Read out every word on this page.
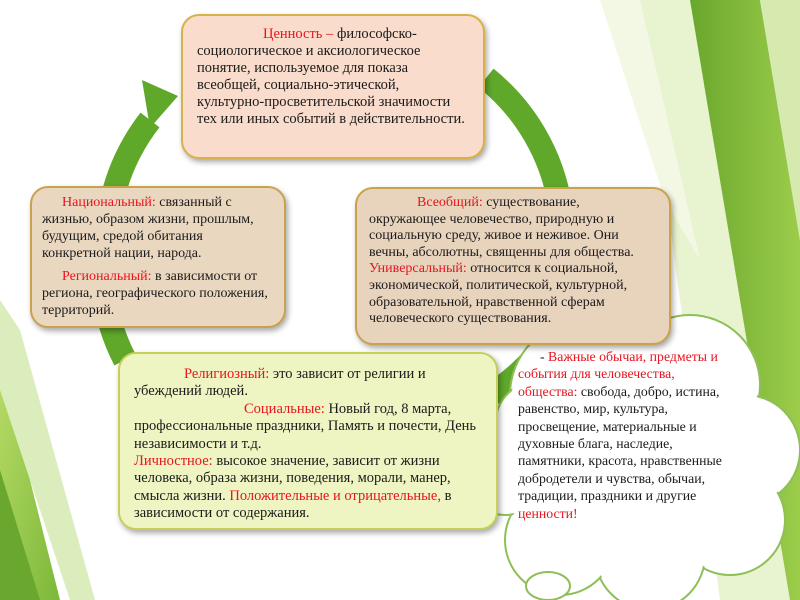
Ценность – философско-социологическое и аксиологическое понятие, используемое для показа всеобщей, социально-этической, культурно-просветительской значимости тех или иных событий в действительности.

Национальный: связанный с жизнью, образом жизни, прошлым, будущим, средой обитания конкретной нации, народа.

Региональный: в зависимости от региона, географического положения, территорий.

Всеобщий: существование, окружающее человечество, природную и социальную среду, живое и неживое. Они вечны, абсолютны, священны для общества. Универсальный: относится к социальной, экономической, политической, культурной, образовательной, нравственной сферам человеческого существования.

Религиозный: это зависит от религии и убеждений людей.

Социальные: Новый год, 8 марта, профессиональные праздники, Память и почести, День независимости и т.д.

Личностное: высокое значение, зависит от жизни человека, образа жизни, поведения, морали, манер, смысла жизни. Положительные и отрицательные, в зависимости от содержания.

- Важные обычаи, предметы и события для человечества, общества: свобода, добро, истина, равенство, мир, культура, просвещение, материальные и духовные блага, наследие, памятники, красота, нравственные добродетели и чувства, обычаи, традиции, праздники и другие ценности!
